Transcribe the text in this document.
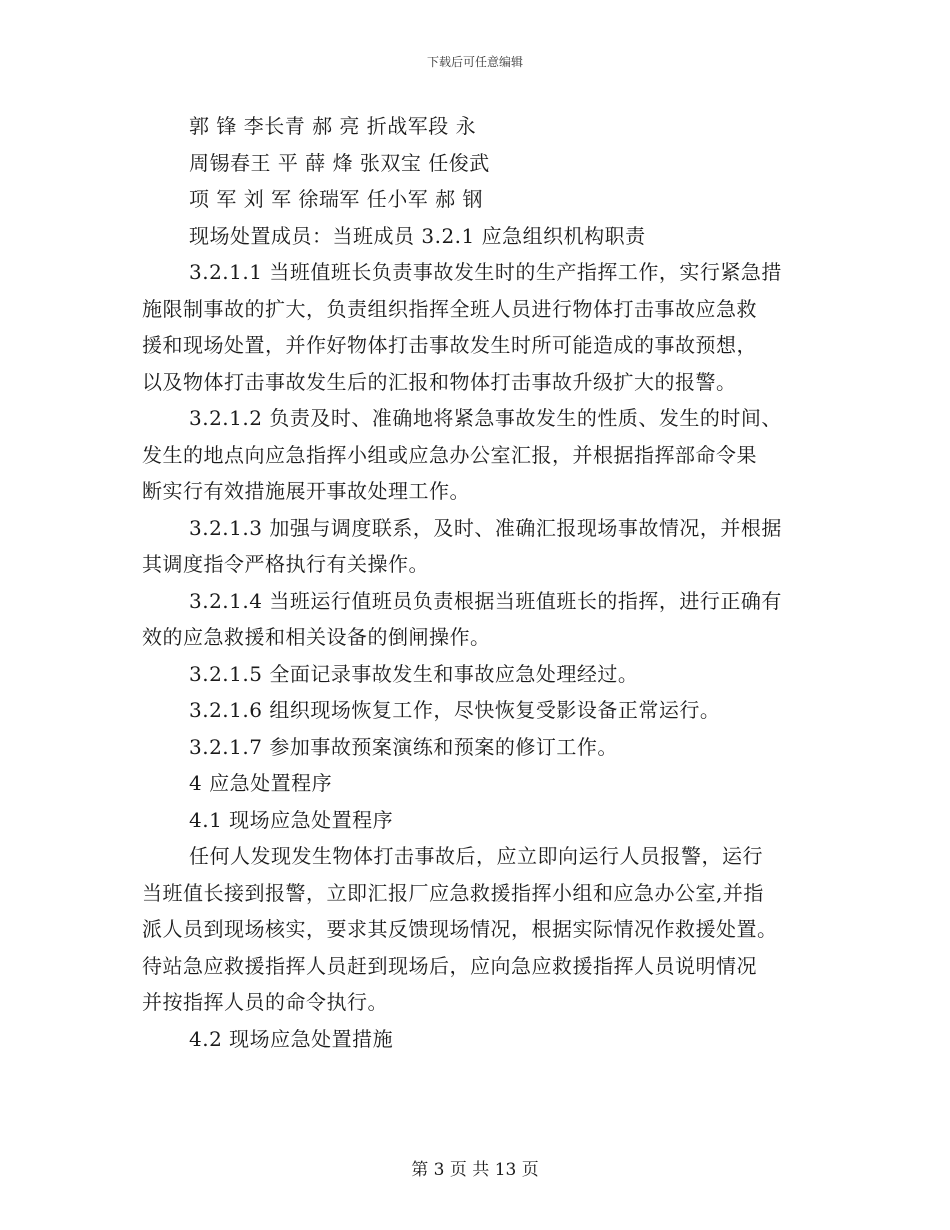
下载后可任意编辑
郭 锋 李长青 郝 亮 折战军段 永
周锡春王 平 薛 烽 张双宝 任俊武
项 军 刘 军 徐瑞军 任小军 郝 钢
现场处置成员：当班成员 3.2.1 应急组织机构职责
3.2.1.1 当班值班长负责事故发生时的生产指挥工作，实行紧急措
施限制事故的扩大，负责组织指挥全班人员进行物体打击事故应急救
援和现场处置，并作好物体打击事故发生时所可能造成的事故预想，
以及物体打击事故发生后的汇报和物体打击事故升级扩大的报警。
3.2.1.2 负责及时、准确地将紧急事故发生的性质、发生的时间、
发生的地点向应急指挥小组或应急办公室汇报，并根据指挥部命令果
断实行有效措施展开事故处理工作。
3.2.1.3 加强与调度联系，及时、准确汇报现场事故情况，并根据
其调度指令严格执行有关操作。
3.2.1.4 当班运行值班员负责根据当班值班长的指挥，进行正确有
效的应急救援和相关设备的倒闸操作。
3.2.1.5 全面记录事故发生和事故应急处理经过。
3.2.1.6 组织现场恢复工作，尽快恢复受影设备正常运行。
3.2.1.7 参加事故预案演练和预案的修订工作。
4 应急处置程序
4.1 现场应急处置程序
任何人发现发生物体打击事故后，应立即向运行人员报警，运行
当班值长接到报警，立即汇报厂应急救援指挥小组和应急办公室,并指
派人员到现场核实，要求其反馈现场情况，根据实际情况作救援处置。
待站急应救援指挥人员赶到现场后，应向急应救援指挥人员说明情况
并按指挥人员的命令执行。
4.2 现场应急处置措施
第 3 页 共 13 页
